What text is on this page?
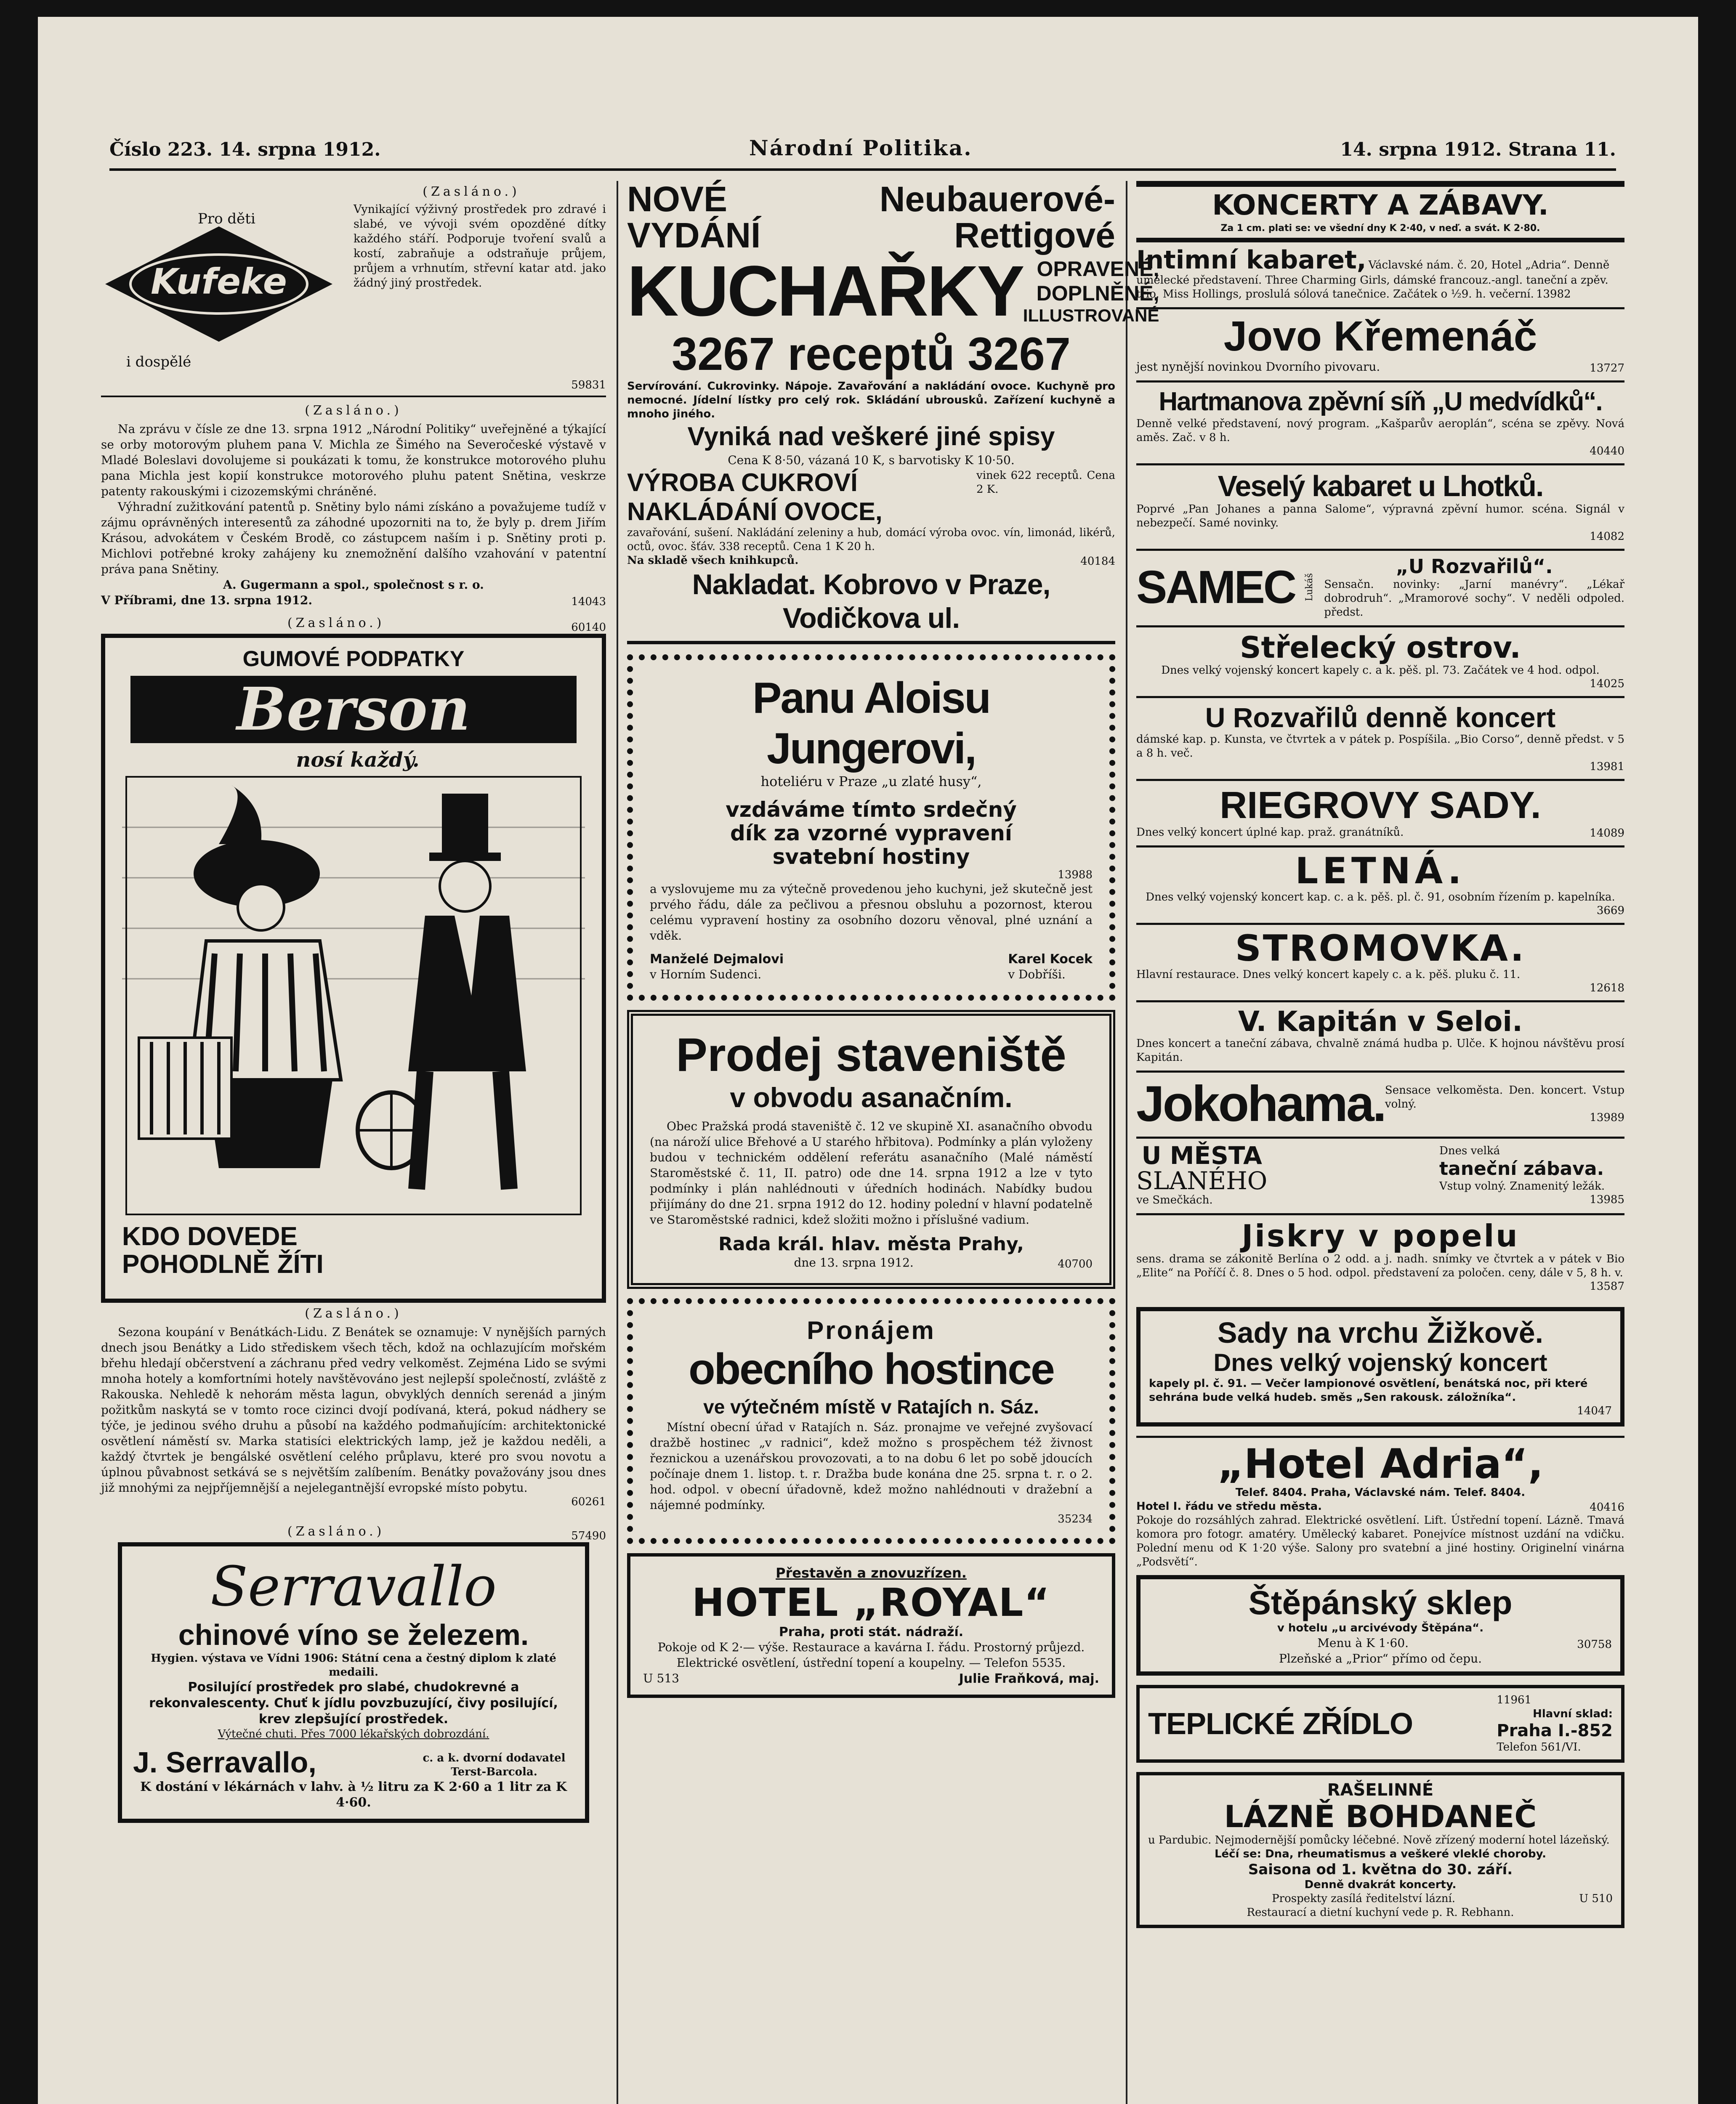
Číslo 223. 14. srpna 1912.	Národní Politika.	14. srpna 1912. Strana 11.
(Zasláno.)
Pro děti
Kufeke
i dospělé
Vynikající výživný prostředek pro zdravé i slabé, ve vývoji svém opozděné dítky každého stáří. Podporuje tvoření svalů a kostí, zabraňuje a odstraňuje průjem, průjem a vrhnutím, střevní katar atd. jako žádný jiný prostředek.
59831
(Zasláno.)

Na zprávu v čísle ze dne 13. srpna 1912 „Národní Politiky“ uveřejněné a týkající se orby motorovým pluhem pana V. Michla ze Šimého na Severočeské výstavě v Mladé Boleslavi dovolujeme si poukázati k tomu, že konstrukce motorového pluhu pana Michla jest kopií konstrukce motorového pluhu patent Snětina, veskrze patenty rakouskými i cizozemskými chráněné.

Výhradní zužitkování patentů p. Snětiny bylo námi získáno a považujeme tudíž v zájmu oprávněných interesentů za záhodné upozorniti na to, že byly p. drem Jiřím Krásou, advokátem v Českém Brodě, co zástupcem naším i p. Snětiny proti p. Michlovi potřebné kroky zahájeny ku znemožnění dalšího vzahování v patentní práva pana Snětiny.

A. Gugermann a spol., společnost s r. o.

V Příbrami, dne 13. srpna 1912.	14043
(Zasláno.)	60140
GUMOVÉ PODPATKY
Berson
nosí každý.
KDO DOVEDE
POHODLNĚ ŽÍTI
(Zasláno.)

Sezona koupání v Benátkách-Lidu. Z Benátek se oznamuje: V nynějších parných dnech jsou Benátky a Lido střediskem všech těch, kdož na ochlazujícím mořském břehu hledají občerstvení a záchranu před vedry velkoměst. Zejména Lido se svými mnoha hotely a komfortními hotely navštěvováno jest nejlepší společností, zvláště z Rakouska. Nehledě k nehorám města lagun, obvyklých denních serenád a jiným požitkům naskytá se v tomto roce cizinci dvojí podívaná, která, pokud nádhery se týče, je jedinou svého druhu a působí na každého podmaňujícím: architektonické osvětlení náměstí sv. Marka statisíci elektrických lamp, jež je každou neděli, a každý čtvrtek je bengálské osvětlení celého průplavu, které pro svou novotu a úplnou půvabnost setkává se s největším zalíbením. Benátky považovány jsou dnes již mnohými za nejpříjemnější a nejelegantnější evropské místo pobytu.

60261
(Zasláno.)	57490
Serravallo
chinové víno se železem.

Hygien. výstava ve Vídni 1906: Státní cena a čestný diplom k zlaté medaili.

Posilující prostředek pro slabé, chudokrevné a rekonvalescenty. Chuť k jídlu povzbuzující, čivy posilující, krev zlepšující prostředek.

Výtečné chuti. Přes 7000 lékařských dobrozdání.

J. Serravallo,	c. a k. dvorní dodavatel Terst-Barcola.

K dostání v lékárnách v lahv. à ½ litru za K 2·60 a 1 litr za K 4·60.

NOVÉ	Neubauerové-
VYDÁNÍ	Rettigové
KUCHAŘKY OPRAVENÉ,
DOPLNĚNÉ,
ILLUSTROVANÉ
3267 receptů 3267

Servírování. Cukrovinky. Nápoje. Zavařování a nakládání ovoce. Kuchyně pro nemocné. Jídelní lístky pro celý rok. Skládání ubrousků. Zařízení kuchyně a mnoho jiného.

Vyniká nad veškeré jiné spisy

Cena K 8·50, vázaná 10 K, s barvotisky K 10·50.

VÝROBA CUKROVÍ	vinek 622 receptů. Cena 2 K.
NAKLÁDÁNÍ OVOCE,

zavařování, sušení. Nakládání zeleniny a hub, domácí výroba ovoc. vín, limonád, likérů, octů, ovoc. šťáv. 338 receptů. Cena 1 K 20 h.

Na skladě všech knihkupců.	40184
Nakladat. Kobrovo v Praze, Vodičkova ul.
Panu Aloisu Jungerovi,

hoteliéru v Praze „u zlaté husy“,

vzdáváme tímto srdečný
dík za vzorné vypravení
svatební hostiny
13988

a vyslovujeme mu za výtečně provedenou jeho kuchyni, jež skutečně jest prvého řádu, dále za pečlivou a přesnou obsluhu a pozornost, kterou celému vypravení hostiny za osobního dozoru věnoval, plné uznání a vděk.

Manželé Dejmalovi
v Horním Sudenci.
Karel Kocek
v Dobříši.
Prodej staveniště
v obvodu asanačním.

Obec Pražská prodá staveniště č. 12 ve skupině XI. asanačního obvodu (na nároží ulice Břehové a U starého hřbitova). Podmínky a plán vyloženy budou v technickém oddělení referátu asanačního (Malé náměstí Staroměstské č. 11, II. patro) ode dne 14. srpna 1912 a lze v tyto podmínky i plán nahlédnouti v úředních hodinách. Nabídky budou přijímány do dne 21. srpna 1912 do 12. hodiny polední v hlavní podatelně ve Staroměstské radnici, kdež složiti možno i příslušné vadium.

Rada král. hlav. města Prahy,
dne 13. srpna 1912.	40700
Pronájem
obecního hostince
ve výtečném místě v Ratajích n. Sáz.

Místní obecní úřad v Ratajích n. Sáz. pronajme ve veřejné zvyšovací dražbě hostinec „v radnici“, kdež možno s prospěchem též živnost řeznickou a uzenářskou provozovati, a to na dobu 6 let po sobě jdoucích počínaje dnem 1. listop. t. r. Dražba bude konána dne 25. srpna t. r. o 2. hod. odpol. v obecní úřadovně, kdež možno nahlédnouti v dražební a nájemné podmínky.

35234
Přestavěn a znovuzřízen.
HOTEL „ROYAL“
Praha, proti stát. nádraží.

Pokoje od K 2·— výše. Restaurace a kavárna I. řádu. Prostorný průjezd. Elektrické osvětlení, ústřední topení a koupelny. — Telefon 5535.

U 513	Julie Fraňková, maj.
KONCERTY A ZÁBAVY.
Za 1 cm. plati se: ve všední dny K 2·40, v neď. a svát. K 2·80.
Intimní kabaret, Václavské nám. č. 20, Hotel „Adria“. Denně umělecké představení. Three Charming Girls, dámské francouz.-angl. taneční a zpěv. trio. Miss Hollings, proslulá sólová tanečnice. Začátek o ½9. h. večerní. 13982
Jovo Křemenáč
jest nynější novinkou Dvorního pivovaru.	13727
Hartmanova zpěvní síň „U medvídků“.

Denně velké představení, nový program. „Kašparův aeroplán“, scéna se zpěvy. Nová aměs. Zač. v 8 h.

40440
Veselý kabaret u Lhotků.

Poprvé „Pan Johanes a panna Salome“, výpravná zpěvní humor. scéna. Signál v nebezpečí. Samé novinky.

14082
SAMEC Lukáš
„U Rozvařilů“.

Sensačn. novinky: „Jarní manévry“. „Lékař dobrodruh“. „Mramorové sochy“. V neděli odpoled. předst.

Střelecký ostrov.

Dnes velký vojenský koncert kapely c. a k. pěš. pl. 73. Začátek ve 4 hod. odpol.

14025
U Rozvařilů denně koncert

dámské kap. p. Kunsta, ve čtvrtek a v pátek p. Pospíšila. „Bio Corso“, denně předst. v 5 a 8 h. več.

13981
RIEGROVY SADY.
Dnes velký koncert úplné kap. praž. granátníků.	14089
LETNÁ.

Dnes velký vojenský koncert kap. c. a k. pěš. pl. č. 91, osobním řízením p. kapelníka.

3669
STROMOVKA.

Hlavní restaurace. Dnes velký koncert kapely c. a k. pěš. pluku č. 11.

12618
V. Kapitán v Seloi.

Dnes koncert a taneční zábava, chvalně známá hudba p. Ulče. K hojnou návštěvu prosí Kapitán.

Jokohama. Sensace velkoměsta. Den. koncert. Vstup volný.
13989
U MĚSTA
SLANÉHO
ve Smečkách.
Dnes velká
taneční zábava.
Vstup volný. Znamenitý ležák.
13985
Jiskry v popelu

sens. drama se zákonitě Berlína o 2 odd. a j. nadh. snímky ve čtvrtek a v pátek v Bio „Elite“ na Poříčí č. 8. Dnes o 5 hod. odpol. představení za poločen. ceny, dále v 5, 8 h. v.

13587
Sady na vrchu Žižkově.
Dnes velký vojenský koncert

kapely pl. č. 91. — Večer lampionové osvětlení, benátská noc, při které sehrána bude velká hudeb. směs „Sen rakousk. záložníka“.

14047
„Hotel Adria“,
Telef. 8404. Praha, Václavské nám. Telef. 8404.
Hotel I. řádu ve středu města.	40416

Pokoje do rozsáhlých zahrad. Elektrické osvětlení. Lift. Ústřední topení. Lázně. Tmavá komora pro fotogr. amatéry. Umělecký kabaret. Ponejvíce místnost uzdání na vdičku. Polední menu od K 1·20 výše. Salony pro svatební a jiné hostiny. Originelní vinárna „Podsvětí“.

Štěpánský sklep
v hotelu „u arcivévody Štěpána“.
Menu à K 1·60.	30758
Plzeňské a „Prior“ přímo od čepu.
TEPLICKÉ ZŘÍDLO
11961
Hlavní sklad:
Praha I.-852
Telefon 561/VI.
RAŠELINNÉ
LÁZNĚ BOHDANEČ

u Pardubic. Nejmodernější pomůcky léčebné. Nově zřízený moderní hotel lázeňský.

Léčí se: Dna, rheumatismus a veškeré vleklé choroby.

Saisona od 1. května do 30. září.
Denně dvakrát koncerty.
Prospekty zasílá ředitelství lázní.	U 510

Restaurací a dietní kuchyní vede p. R. Rebhann.
